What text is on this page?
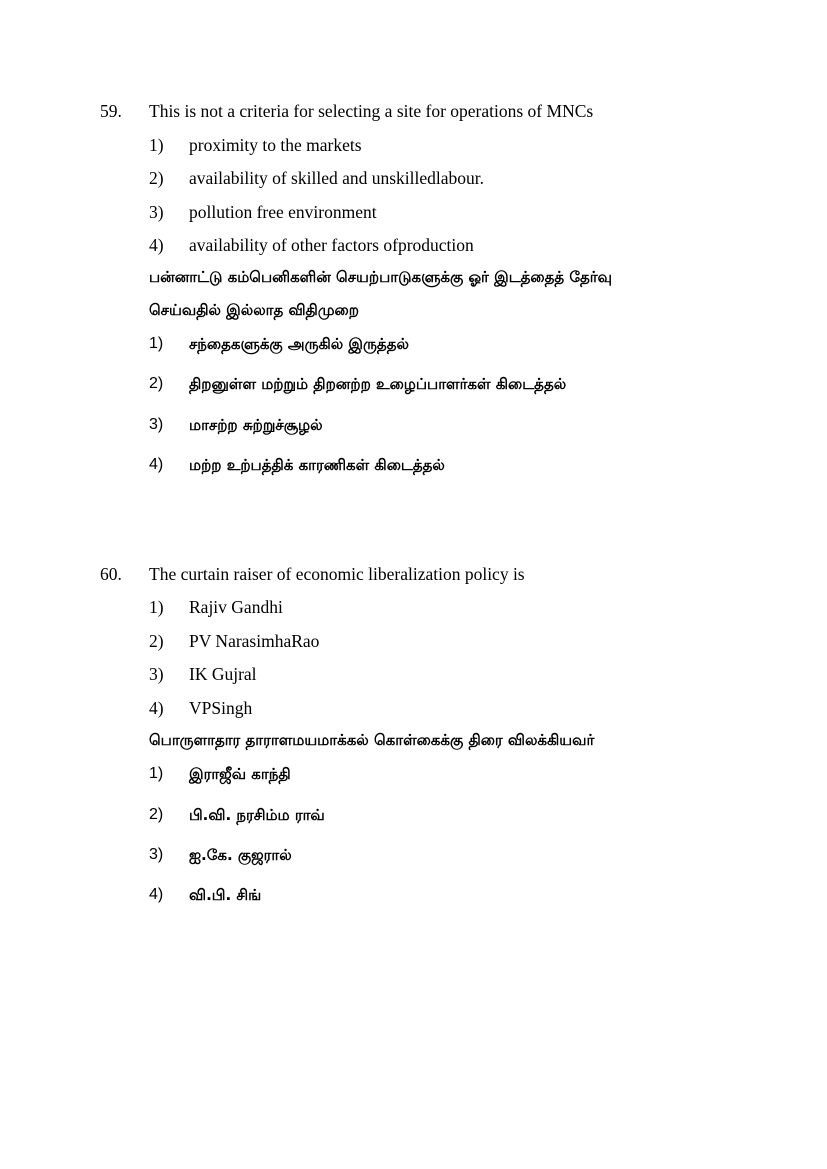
59. This is not a criteria for selecting a site for operations of MNCs
1) proximity to the markets
2) availability of skilled and unskilledlabour.
3) pollution free environment
4) availability of other factors ofproduction
பன்னாட்டு கம்பெனிகளின் செயற்பாடுகளுக்கு ஓர் இடத்தைத் தேர்வு
செய்வதில் இல்லாத விதிமுறை
1) சந்தைகளுக்கு அருகில் இருத்தல்
2) திறனுள்ள மற்றும் திறனற்ற உழைப்பாளர்கள் கிடைத்தல்
3) மாசற்ற சுற்றுச்சூழல்
4) மற்ற உற்பத்திக் காரணிகள் கிடைத்தல்
60. The curtain raiser of economic liberalization policy is
1) Rajiv Gandhi
2) PV NarasimhaRao
3) IK Gujral
4) VPSingh
பொருளாதார தாராளமயமாக்கல் கொள்கைக்கு திரை விலக்கியவர்
1) இராஜீவ் காந்தி
2) பி.வி. நரசிம்ம ராவ்
3) ஐ.கே. குஜரால்
4) வி.பி. சிங்
